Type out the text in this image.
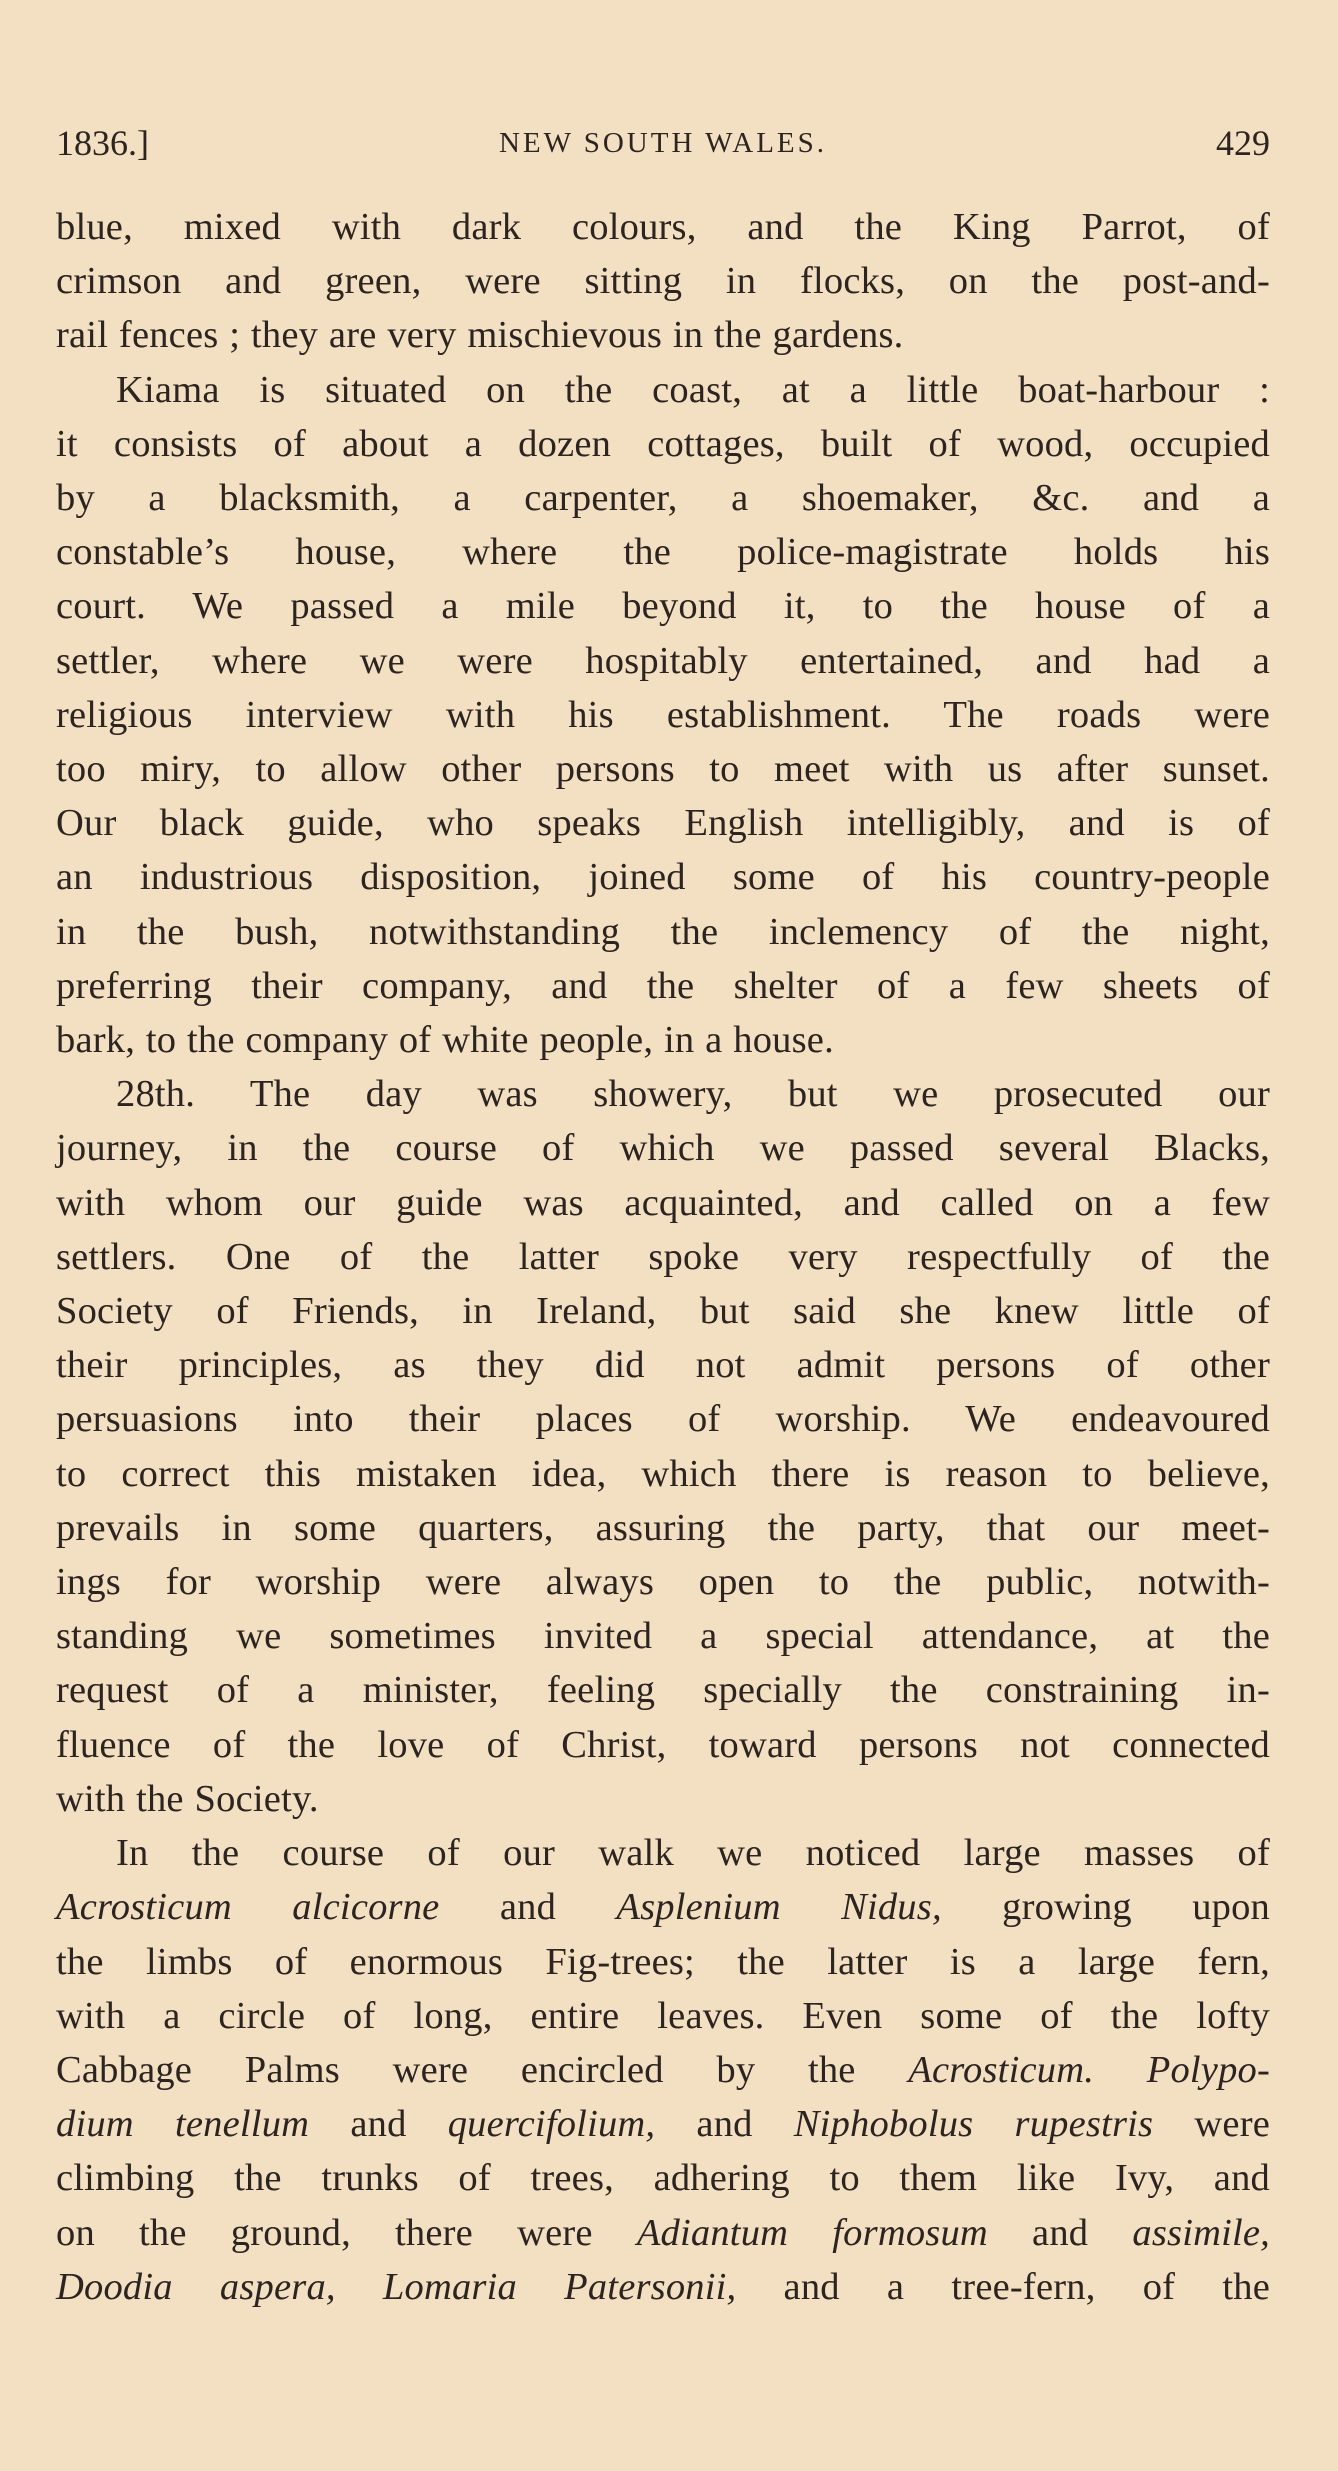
1836.]	NEW SOUTH WALES.	429

blue, mixed with dark colours, and the King Parrot, of
crimson and green, were sitting in flocks, on the post-and-
rail fences ; they are very mischievous in the gardens.

Kiama is situated on the coast, at a little boat-harbour :
it consists of about a dozen cottages, built of wood, occupied
by a blacksmith, a carpenter, a shoemaker, &c. and a
constable’s house, where the police-magistrate holds his
court. We passed a mile beyond it, to the house of a
settler, where we were hospitably entertained, and had a
religious interview with his establishment. The roads were
too miry, to allow other persons to meet with us after sunset.
Our black guide, who speaks English intelligibly, and is of
an industrious disposition, joined some of his country-people
in the bush, notwithstanding the inclemency of the night,
preferring their company, and the shelter of a few sheets of
bark, to the company of white people, in a house.

28th. The day was showery, but we prosecuted our
journey, in the course of which we passed several Blacks,
with whom our guide was acquainted, and called on a few
settlers. One of the latter spoke very respectfully of the
Society of Friends, in Ireland, but said she knew little of
their principles, as they did not admit persons of other
persuasions into their places of worship. We endeavoured
to correct this mistaken idea, which there is reason to believe,
prevails in some quarters, assuring the party, that our meet-
ings for worship were always open to the public, notwith-
standing we sometimes invited a special attendance, at the
request of a minister, feeling specially the constraining in-
fluence of the love of Christ, toward persons not connected
with the Society.

In the course of our walk we noticed large masses of
Acrosticum alcicorne and Asplenium Nidus, growing upon
the limbs of enormous Fig-trees; the latter is a large fern,
with a circle of long, entire leaves. Even some of the lofty
Cabbage Palms were encircled by the Acrosticum. Polypo-
dium tenellum and quercifolium, and Niphobolus rupestris were
climbing the trunks of trees, adhering to them like Ivy, and
on the ground, there were Adiantum formosum and assimile,
Doodia aspera, Lomaria Patersonii, and a tree-fern, of the
